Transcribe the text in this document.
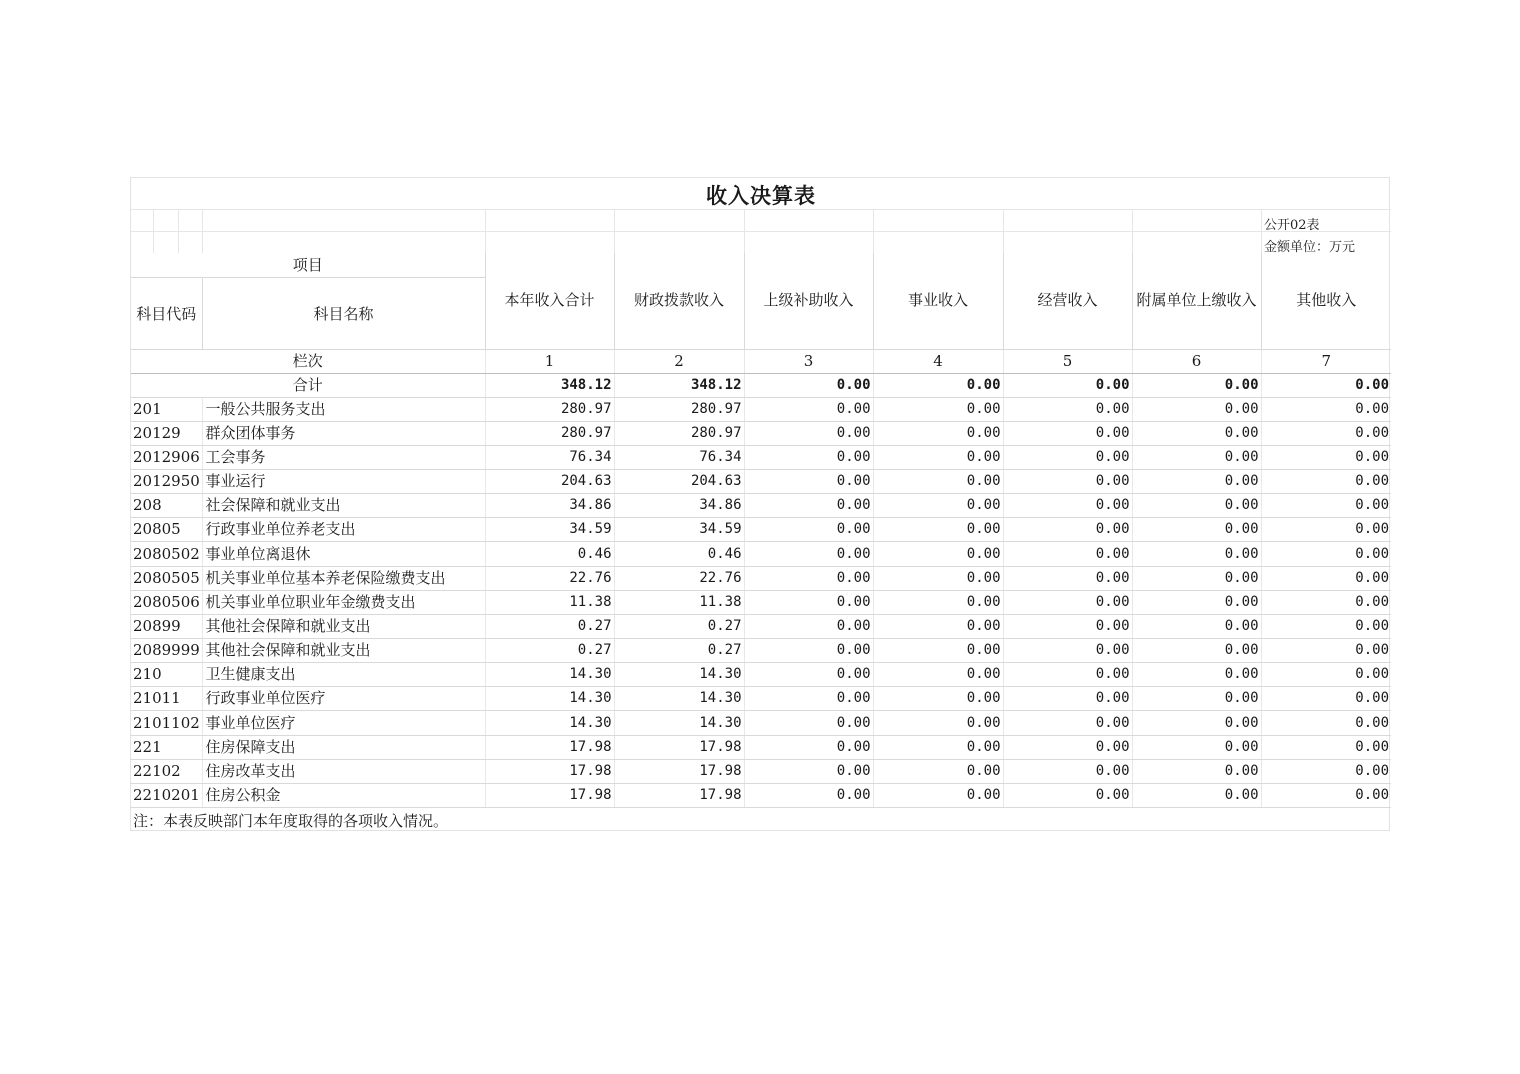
收入决算表
公开02表
金额单位：万元
项目		本年收入合计	财政拨款收入	上级补助收入	事业收入	经营收入	附属单位上缴收入	其他收入
科目代码	科目名称							
栏次		1	2	3	4	5	6	7
合计		348.12	348.12	0.00	0.00	0.00	0.00	0.00
201	一般公共服务支出	280.97	280.97	0.00	0.00	0.00	0.00	0.00
20129	群众团体事务	280.97	280.97	0.00	0.00	0.00	0.00	0.00
2012906	工会事务	76.34	76.34	0.00	0.00	0.00	0.00	0.00
2012950	事业运行	204.63	204.63	0.00	0.00	0.00	0.00	0.00
208	社会保障和就业支出	34.86	34.86	0.00	0.00	0.00	0.00	0.00
20805	行政事业单位养老支出	34.59	34.59	0.00	0.00	0.00	0.00	0.00
2080502	事业单位离退休	0.46	0.46	0.00	0.00	0.00	0.00	0.00
2080505	机关事业单位基本养老保险缴费支出	22.76	22.76	0.00	0.00	0.00	0.00	0.00
2080506	机关事业单位职业年金缴费支出	11.38	11.38	0.00	0.00	0.00	0.00	0.00
20899	其他社会保障和就业支出	0.27	0.27	0.00	0.00	0.00	0.00	0.00
2089999	其他社会保障和就业支出	0.27	0.27	0.00	0.00	0.00	0.00	0.00
210	卫生健康支出	14.30	14.30	0.00	0.00	0.00	0.00	0.00
21011	行政事业单位医疗	14.30	14.30	0.00	0.00	0.00	0.00	0.00
2101102	事业单位医疗	14.30	14.30	0.00	0.00	0.00	0.00	0.00
221	住房保障支出	17.98	17.98	0.00	0.00	0.00	0.00	0.00
22102	住房改革支出	17.98	17.98	0.00	0.00	0.00	0.00	0.00
2210201	住房公积金	17.98	17.98	0.00	0.00	0.00	0.00	0.00
注：本表反映部门本年度取得的各项收入情况。
